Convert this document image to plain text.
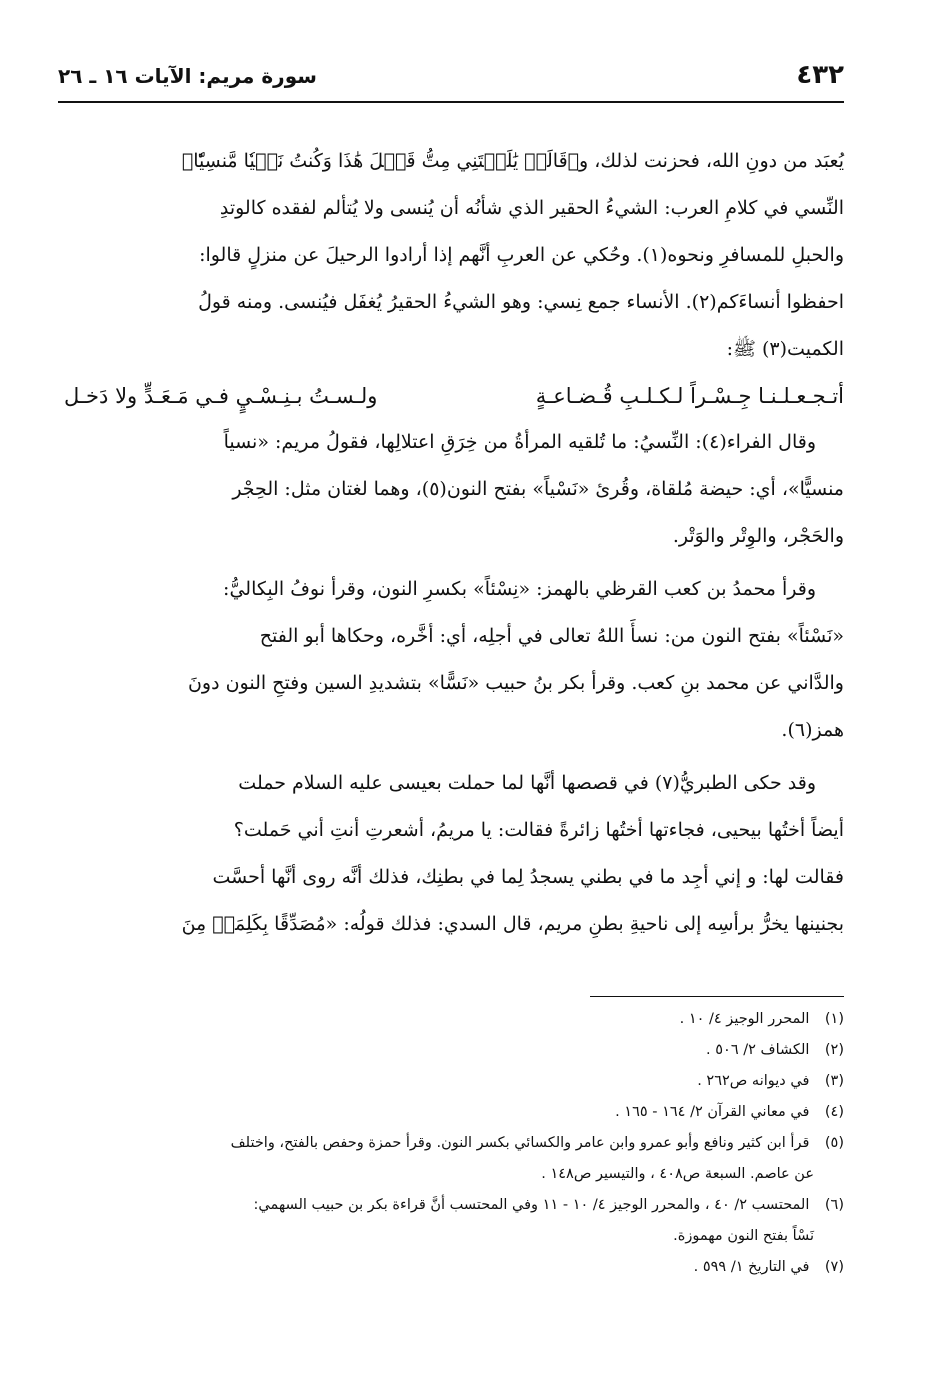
٤٣٢
سورة مريم: الآيات ١٦ ـ ٢٦

يُعبَد من دونِ الله، فحزنت لذلك، و﴿قَالَتۡ يَٰلَيۡتَنِي مِتُّ قَبۡلَ هَٰذَا وَكُنتُ نَسۡيٗا مَّنسِيّٗا﴾

النِّسي في كلامِ العرب: الشيءُ الحقير الذي شأنُه أن يُنسى ولا يُتألم لفقده كالوتدِ

والحبلِ للمسافرِ ونحوه(١). وحُكي عن العربِ أنَّهم إذا أرادوا الرحيلَ عن منزلٍ قالوا:

احفظوا أنساءَكم(٢). الأنساء جمع نِسي: وهو الشيءُ الحقيرُ يُغفَل فيُنسى. ومنه قولُ

الكميت(٣) ﷺ:

أتـجـعـلـنـا جِـسْـراً لـكـلـبِ قُـضـاعـةٍ
ولـسـتُ بـنِـسْـيٍ فـي مَـعَـدٍّ ولا دَخـل

وقال الفراء(٤): النِّسيُ: ما تُلقيه المرأةُ من خِرَقِ اعتلالِها، فقولُ مريم: «نسياً

منسيًّا»، أي: حيضة مُلقاة، وقُرئ «نَسْياً» بفتح النون(٥)، وهما لغتان مثل: الحِجْر

والحَجْر، والوِتْر والوَتْر.

وقرأ محمدُ بن كعب القرظي بالهمز: «نِسْئاً» بكسرِ النون، وقرأ نوفُ البِكاليُّ:

«نَسْئاً» بفتح النون من: نسأَ اللهُ تعالى في أجلِه، أي: أخَّره، وحكاها أبو الفتح

والدَّاني عن محمد بنِ كعب. وقرأ بكر بنُ حبيب «نَسًّا» بتشديدِ السين وفتحِ النون دونَ

همز(٦).

وقد حكى الطبريُّ(٧) في قصصها أنَّها لما حملت بعيسى عليه السلام حملت

أيضاً أختُها بيحيى، فجاءتها أختُها زائرةً فقالت: يا مريمُ، أشعرتِ أنتِ أني حَملت؟

فقالت لها: و إني أجِد ما في بطني يسجدُ لِما في بطنِك، فذلك أنَّه روى أنَّها أحسَّت

بجنينها يخرُّ برأسِه إلى ناحيةِ بطنِ مريم، قال السدي: فذلك قولُه: «مُصَدِّقًا بِكَلِمَةٖ مِنَ

(١) المحرر الوجيز ٤/ ١٠ .

(٢) الكشاف ٢/ ٥٠٦ .

(٣) في ديوانه ص٢٦٢ .

(٤) في معاني القرآن ٢/ ١٦٤ - ١٦٥ .

(٥) قرأ ابن كثير ونافع وأبو عمرو وابن عامر والكسائي بكسر النون. وقرأ حمزة وحفص بالفتح، واختلف

عن عاصم. السبعة ص٤٠٨ ، والتيسير ص١٤٨ .

(٦) المحتسب ٢/ ٤٠ ، والمحرر الوجيز ٤/ ١٠ - ١١ وفي المحتسب أنَّ قراءة بكر بن حبيب السهمي:

نَسْاً بفتح النون مهموزة.

(٧) في التاريخ ١/ ٥٩٩ .
